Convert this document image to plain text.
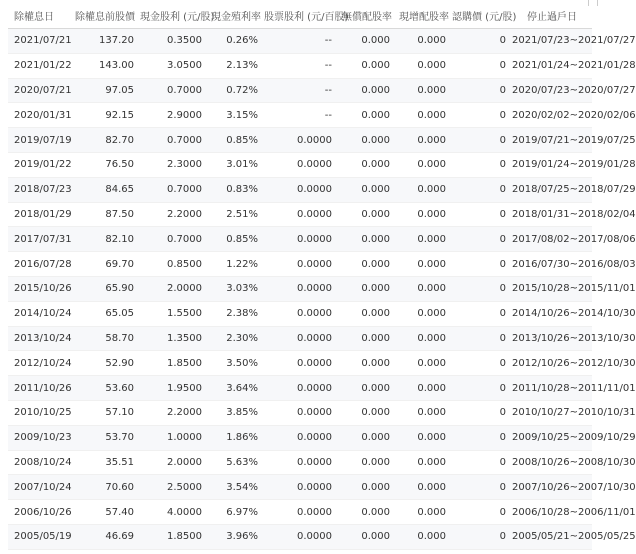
除權息日	除權息前股價	現金股利 (元/股)	現金殖利率	股票股利 (元/百股)	無償配股率	現增配股率	認購價 (元/股)	停止過戶日
2021/07/21	137.20	0.3500	0.26%	--	0.000	0.000	0	2021/07/23~2021/07/27
2021/01/22	143.00	3.0500	2.13%	--	0.000	0.000	0	2021/01/24~2021/01/28
2020/07/21	97.05	0.7000	0.72%	--	0.000	0.000	0	2020/07/23~2020/07/27
2020/01/31	92.15	2.9000	3.15%	--	0.000	0.000	0	2020/02/02~2020/02/06
2019/07/19	82.70	0.7000	0.85%	0.0000	0.000	0.000	0	2019/07/21~2019/07/25
2019/01/22	76.50	2.3000	3.01%	0.0000	0.000	0.000	0	2019/01/24~2019/01/28
2018/07/23	84.65	0.7000	0.83%	0.0000	0.000	0.000	0	2018/07/25~2018/07/29
2018/01/29	87.50	2.2000	2.51%	0.0000	0.000	0.000	0	2018/01/31~2018/02/04
2017/07/31	82.10	0.7000	0.85%	0.0000	0.000	0.000	0	2017/08/02~2017/08/06
2016/07/28	69.70	0.8500	1.22%	0.0000	0.000	0.000	0	2016/07/30~2016/08/03
2015/10/26	65.90	2.0000	3.03%	0.0000	0.000	0.000	0	2015/10/28~2015/11/01
2014/10/24	65.05	1.5500	2.38%	0.0000	0.000	0.000	0	2014/10/26~2014/10/30
2013/10/24	58.70	1.3500	2.30%	0.0000	0.000	0.000	0	2013/10/26~2013/10/30
2012/10/24	52.90	1.8500	3.50%	0.0000	0.000	0.000	0	2012/10/26~2012/10/30
2011/10/26	53.60	1.9500	3.64%	0.0000	0.000	0.000	0	2011/10/28~2011/11/01
2010/10/25	57.10	2.2000	3.85%	0.0000	0.000	0.000	0	2010/10/27~2010/10/31
2009/10/23	53.70	1.0000	1.86%	0.0000	0.000	0.000	0	2009/10/25~2009/10/29
2008/10/24	35.51	2.0000	5.63%	0.0000	0.000	0.000	0	2008/10/26~2008/10/30
2007/10/24	70.60	2.5000	3.54%	0.0000	0.000	0.000	0	2007/10/26~2007/10/30
2006/10/26	57.40	4.0000	6.97%	0.0000	0.000	0.000	0	2006/10/28~2006/11/01
2005/05/19	46.69	1.8500	3.96%	0.0000	0.000	0.000	0	2005/05/21~2005/05/25
